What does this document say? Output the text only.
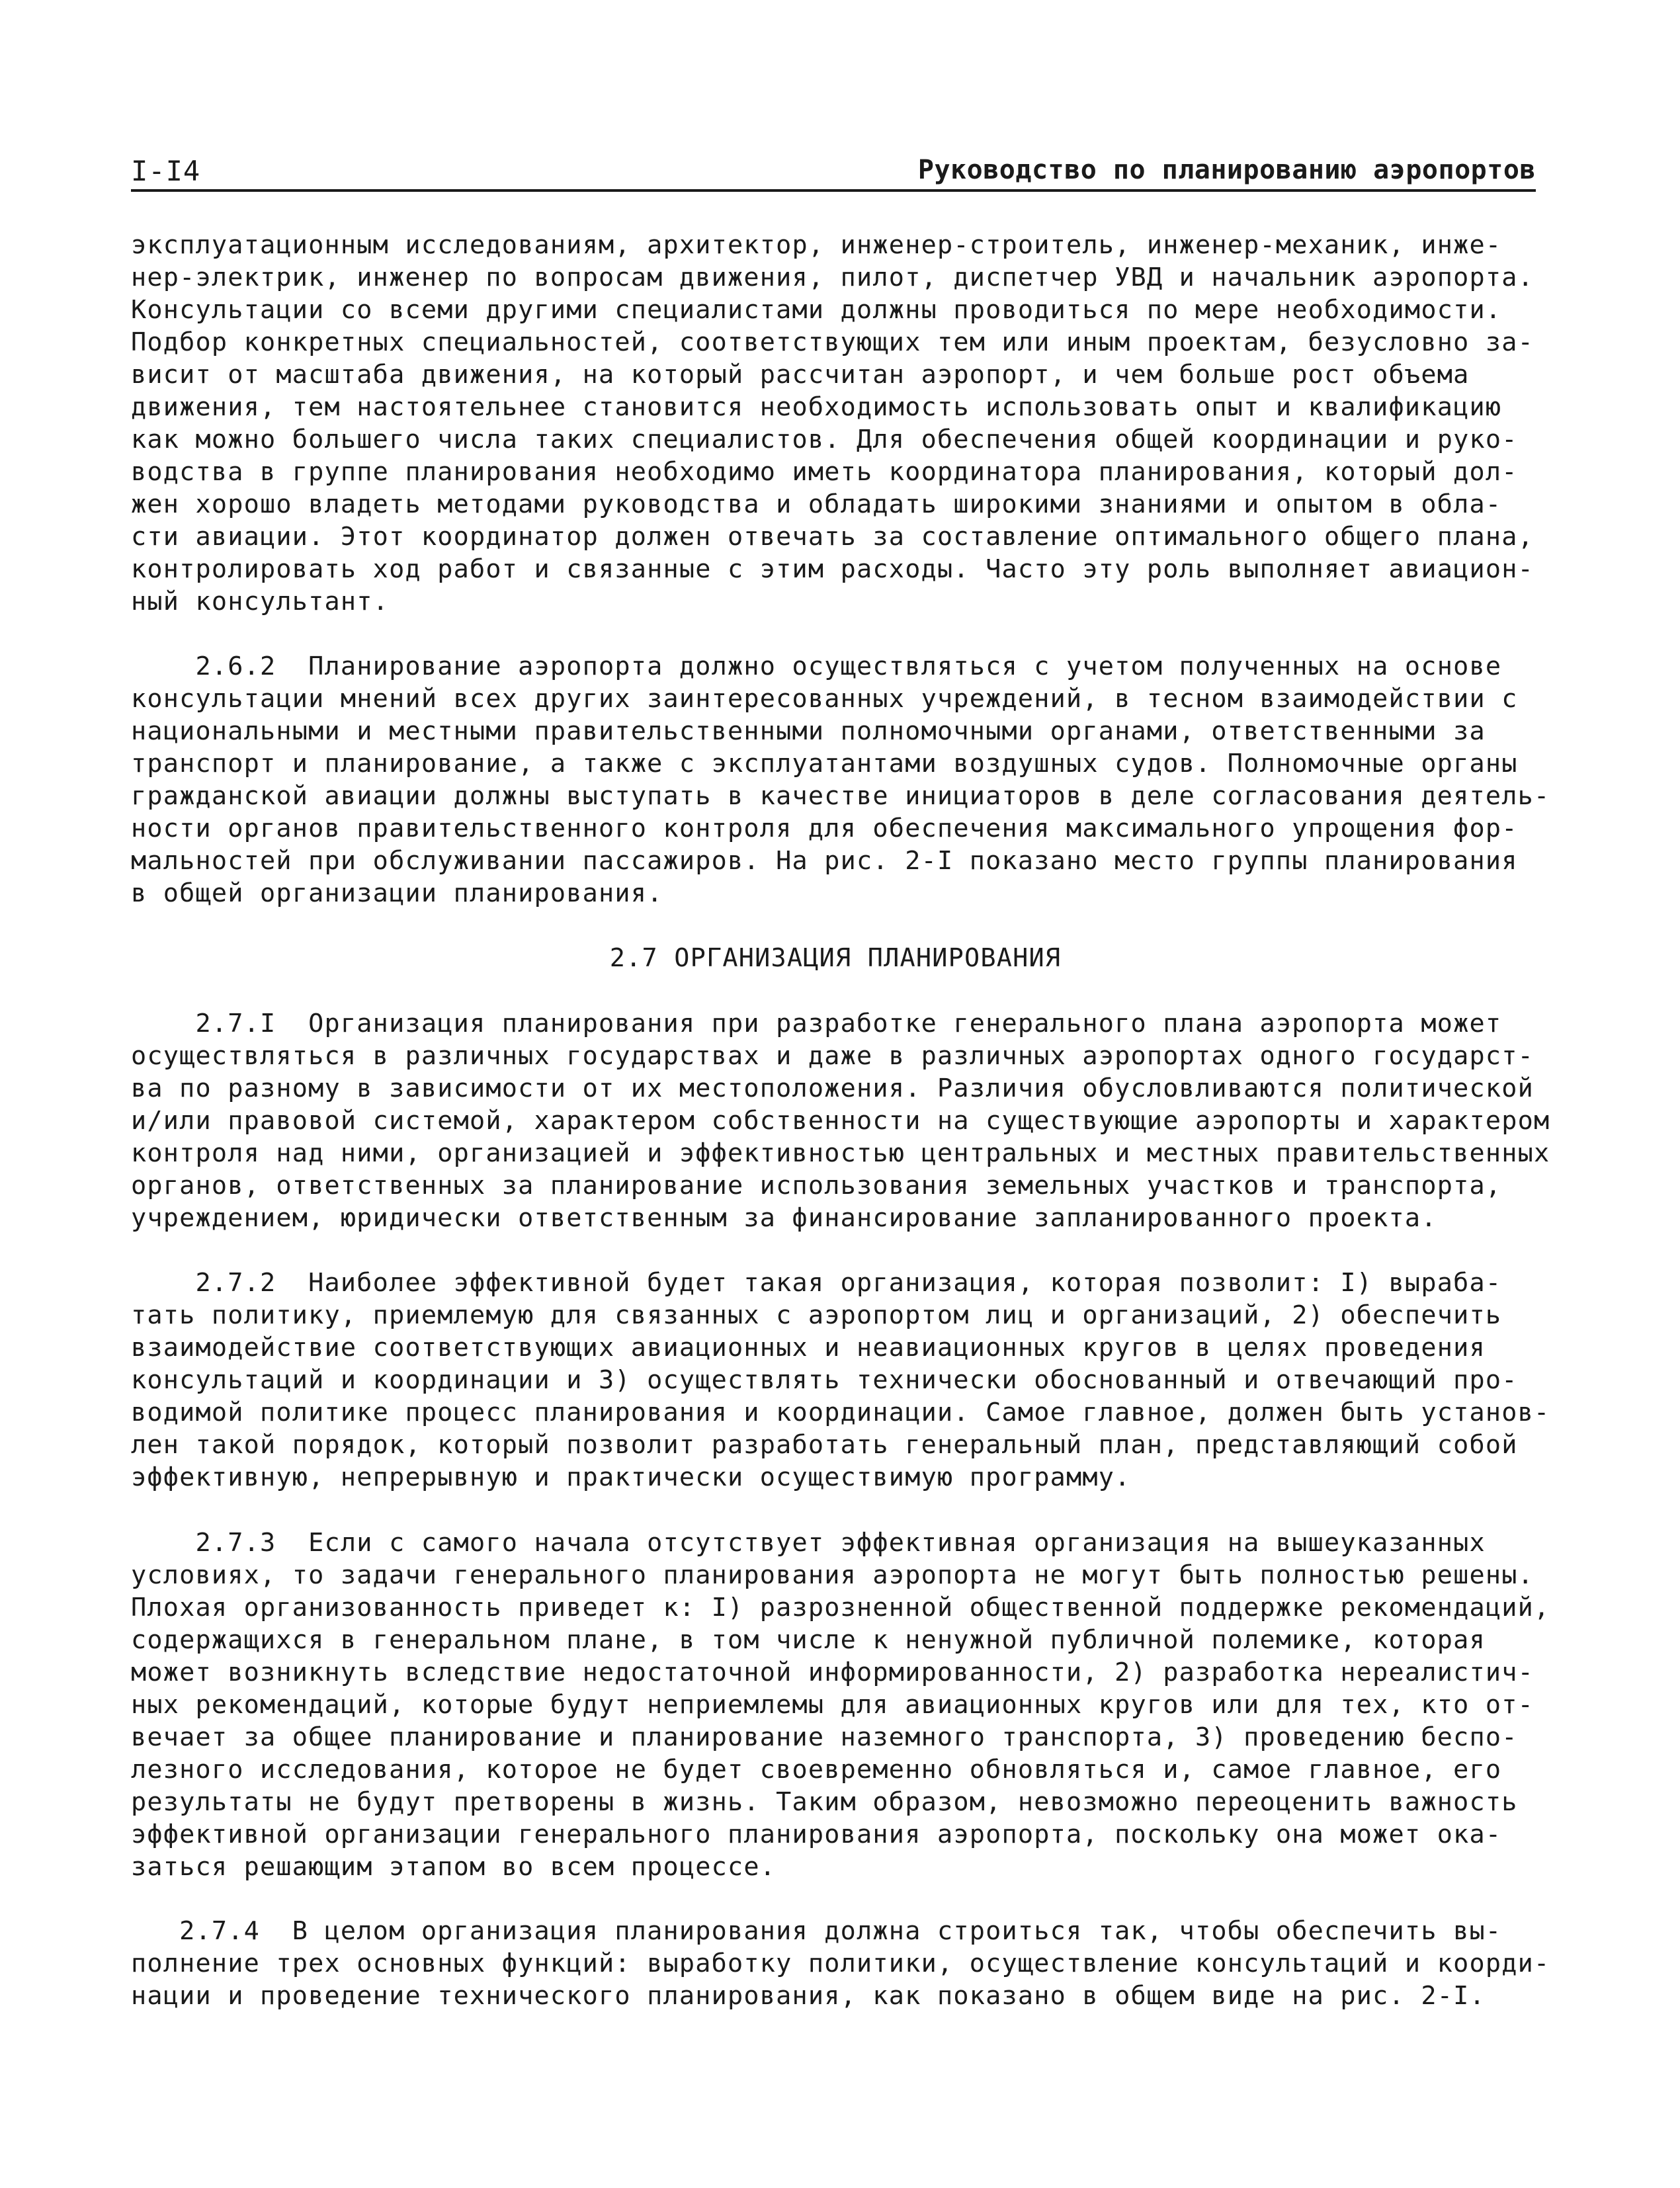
I-I4	Руководство по планированию аэропортов

эксплуатационным исследованиям, архитектор, инженер-строитель, инженер-механик, инже-
нер-электрик, инженер по вопросам движения, пилот, диспетчер УВД и начальник аэропорта.
Консультации со всеми другими специалистами должны проводиться по мере необходимости.
Подбор конкретных специальностей, соответствующих тем или иным проектам, безусловно за-
висит от масштаба движения, на который рассчитан аэропорт, и чем больше рост объема
движения, тем настоятельнее становится необходимость использовать опыт и квалификацию
как можно большего числа таких специалистов. Для обеспечения общей координации и руко-
водства в группе планирования необходимо иметь координатора планирования, который дол-
жен хорошо владеть методами руководства и обладать широкими знаниями и опытом в обла-
сти авиации. Этот координатор должен отвечать за составление оптимального общего плана,
контролировать ход работ и связанные с этим расходы. Часто эту роль выполняет авиацион-
ный консультант.

2.6.2  Планирование аэропорта должно осуществляться с учетом полученных на основе
консультации мнений всех других заинтересованных учреждений, в тесном взаимодействии с
национальными и местными правительственными полномочными органами, ответственными за
транспорт и планирование, а также с эксплуатантами воздушных судов. Полномочные органы
гражданской авиации должны выступать в качестве инициаторов в деле согласования деятель-
ности органов правительственного контроля для обеспечения максимального упрощения фор-
мальностей при обслуживании пассажиров. На рис. 2-I показано место группы планирования
в общей организации планирования.

2.7 ОРГАНИЗАЦИЯ ПЛАНИРОВАНИЯ

2.7.I  Организация планирования при разработке генерального плана аэропорта может
осуществляться в различных государствах и даже в различных аэропортах одного государст-
ва по разному в зависимости от их местоположения. Различия обусловливаются политической
и/или правовой системой, характером собственности на существующие аэропорты и характером
контроля над ними, организацией и эффективностью центральных и местных правительственных
органов, ответственных за планирование использования земельных участков и транспорта,
учреждением, юридически ответственным за финансирование запланированного проекта.

2.7.2  Наиболее эффективной будет такая организация, которая позволит: I) выраба-
тать политику, приемлемую для связанных с аэропортом лиц и организаций, 2) обеспечить
взаимодействие соответствующих авиационных и неавиационных кругов в целях проведения
консультаций и координации и 3) осуществлять технически обоснованный и отвечающий про-
водимой политике процесс планирования и координации. Самое главное, должен быть установ-
лен такой порядок, который позволит разработать генеральный план, представляющий собой
эффективную, непрерывную и практически осуществимую программу.

2.7.3  Если с самого начала отсутствует эффективная организация на вышеуказанных
условиях, то задачи генерального планирования аэропорта не могут быть полностью решены.
Плохая организованность приведет к: I) разрозненной общественной поддержке рекомендаций,
содержащихся в генеральном плане, в том числе к ненужной публичной полемике, которая
может возникнуть вследствие недостаточной информированности, 2) разработка нереалистич-
ных рекомендаций, которые будут неприемлемы для авиационных кругов или для тех, кто от-
вечает за общее планирование и планирование наземного транспорта, 3) проведению беспо-
лезного исследования, которое не будет своевременно обновляться и, самое главное, его
результаты не будут претворены в жизнь. Таким образом, невозможно переоценить важность
эффективной организации генерального планирования аэропорта, поскольку она может ока-
заться решающим этапом во всем процессе.

2.7.4  В целом организация планирования должна строиться так, чтобы обеспечить вы-
полнение трех основных функций: выработку политики, осуществление консультаций и коорди-
нации и проведение технического планирования, как показано в общем виде на рис. 2-I.
